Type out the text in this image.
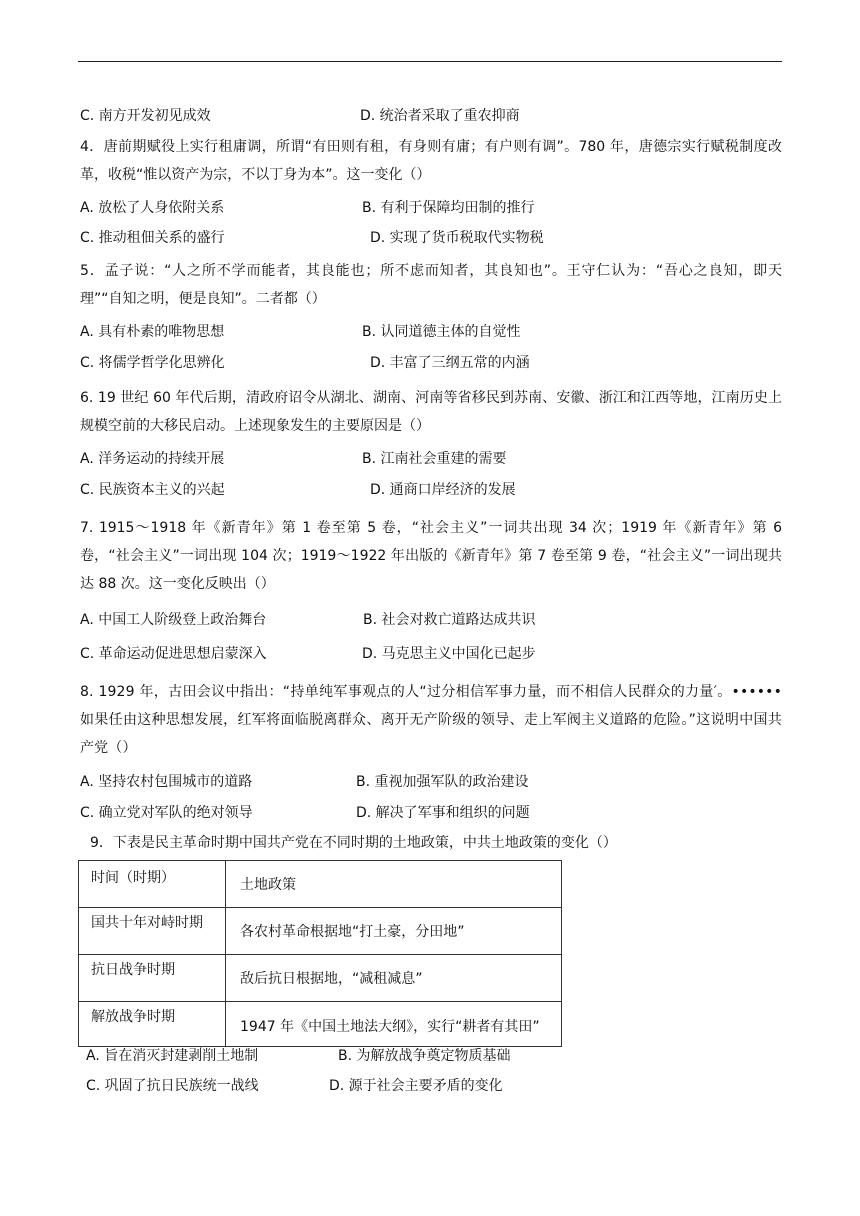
C. 南方开发初见成效	D. 统治者采取了重农抑商
4．唐前期赋役上实行租庸调，所谓“有田则有租，有身则有庸；有户则有调”。780 年，唐德宗实行赋税制度改革，收税“惟以资产为宗，不以丁身为本”。这一变化（）
A. 放松了人身依附关系	B. 有利于保障均田制的推行
C. 推动租佃关系的盛行	D. 实现了货币税取代实物税
5．孟子说：“人之所不学而能者，其良能也；所不虑而知者，其良知也”。王守仁认为：“吾心之良知，即天理”“自知之明，便是良知”。二者都（）
A. 具有朴素的唯物思想	B. 认同道德主体的自觉性
C. 将儒学哲学化思辨化	D. 丰富了三纲五常的内涵
6. 19 世纪 60 年代后期，清政府诏令从湖北、湖南、河南等省移民到苏南、安徽、浙江和江西等地，江南历史上规模空前的大移民启动。上述现象发生的主要原因是（）
A. 洋务运动的持续开展	B. 江南社会重建的需要
C. 民族资本主义的兴起	D. 通商口岸经济的发展
7. 1915～1918 年《新青年》第 1 卷至第 5 卷，“社会主义”一词共出现 34 次；1919 年《新青年》第 6 卷，“社会主义”一词出现 104 次；1919～1922 年出版的《新青年》第 7 卷至第 9 卷，“社会主义”一词出现共达 88 次。这一变化反映出（）
A. 中国工人阶级登上政治舞台	B. 社会对救亡道路达成共识
C. 革命运动促进思想启蒙深入	D. 马克思主义中国化已起步
8. 1929 年，古田会议中指出：“持单纯军事观点的人“过分相信军事力量，而不相信人民群众的力量′。••••••如果任由这种思想发展，红军将面临脱离群众、离开无产阶级的领导、走上军阀主义道路的危险。”这说明中国共产党（）
A. 坚持农村包围城市的道路	B. 重视加强军队的政治建设
C. 确立党对军队的绝对领导	D. 解决了军事和组织的问题
9．下表是民主革命时期中国共产党在不同时期的土地政策，中共土地政策的变化（）
时间（时期）	土地政策
国共十年对峙时期	各农村革命根据地“打土豪，分田地”
抗日战争时期	敌后抗日根据地，“减租减息”
解放战争时期	1947 年《中国土地法大纲》，实行“耕者有其田”
A. 旨在消灭封建剥削土地制	B. 为解放战争奠定物质基础
C. 巩固了抗日民族统一战线	D. 源于社会主要矛盾的变化
